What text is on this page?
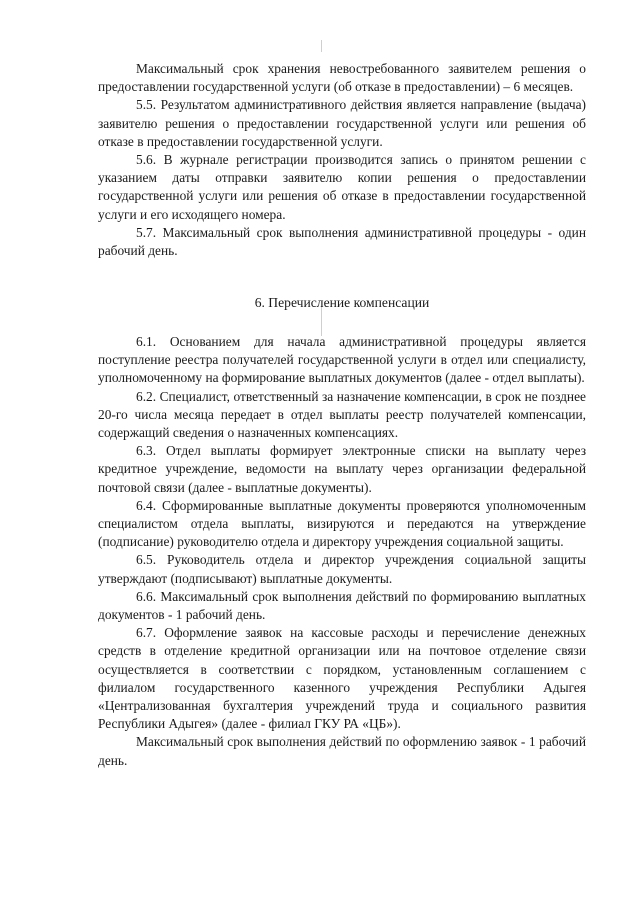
Максимальный срок хранения невостребованного заявителем решения о предоставлении государственной услуги (об отказе в предоставлении) – 6 месяцев.

5.5. Результатом административного действия является направление (выдача) заявителю решения о предоставлении государственной услуги или решения об отказе в предоставлении государственной услуги.

5.6. В журнале регистрации производится запись о принятом решении с указанием даты отправки заявителю копии решения о предоставлении государственной услуги или решения об отказе в предоставлении государственной услуги и его исходящего номера.

5.7. Максимальный срок выполнения административной процедуры - один рабочий день.

6. Перечисление компенсации

6.1. Основанием для начала административной процедуры является поступление реестра получателей государственной услуги в отдел или специалисту, уполномоченному на формирование выплатных документов (далее - отдел выплаты).

6.2. Специалист, ответственный за назначение компенсации, в срок не позднее 20-го числа месяца передает в отдел выплаты реестр получателей компенсации, содержащий сведения о назначенных компенсациях.

6.3. Отдел выплаты формирует электронные списки на выплату через кредитное учреждение, ведомости на выплату через организации федеральной почтовой связи (далее - выплатные документы).

6.4. Сформированные выплатные документы проверяются уполномоченным специалистом отдела выплаты, визируются и передаются на утверждение (подписание) руководителю отдела и директору учреждения социальной защиты.

6.5. Руководитель отдела и директор учреждения социальной защиты утверждают (подписывают) выплатные документы.

6.6. Максимальный срок выполнения действий по формированию выплатных документов - 1 рабочий день.

6.7. Оформление заявок на кассовые расходы и перечисление денежных средств в отделение кредитной организации или на почтовое отделение связи осуществляется в соответствии с порядком, установленным соглашением с филиалом государственного казенного учреждения Республики Адыгея «Централизованная бухгалтерия учреждений труда и социального развития Республики Адыгея» (далее - филиал ГКУ РА «ЦБ»).

Максимальный срок выполнения действий по оформлению заявок - 1 рабочий день.
